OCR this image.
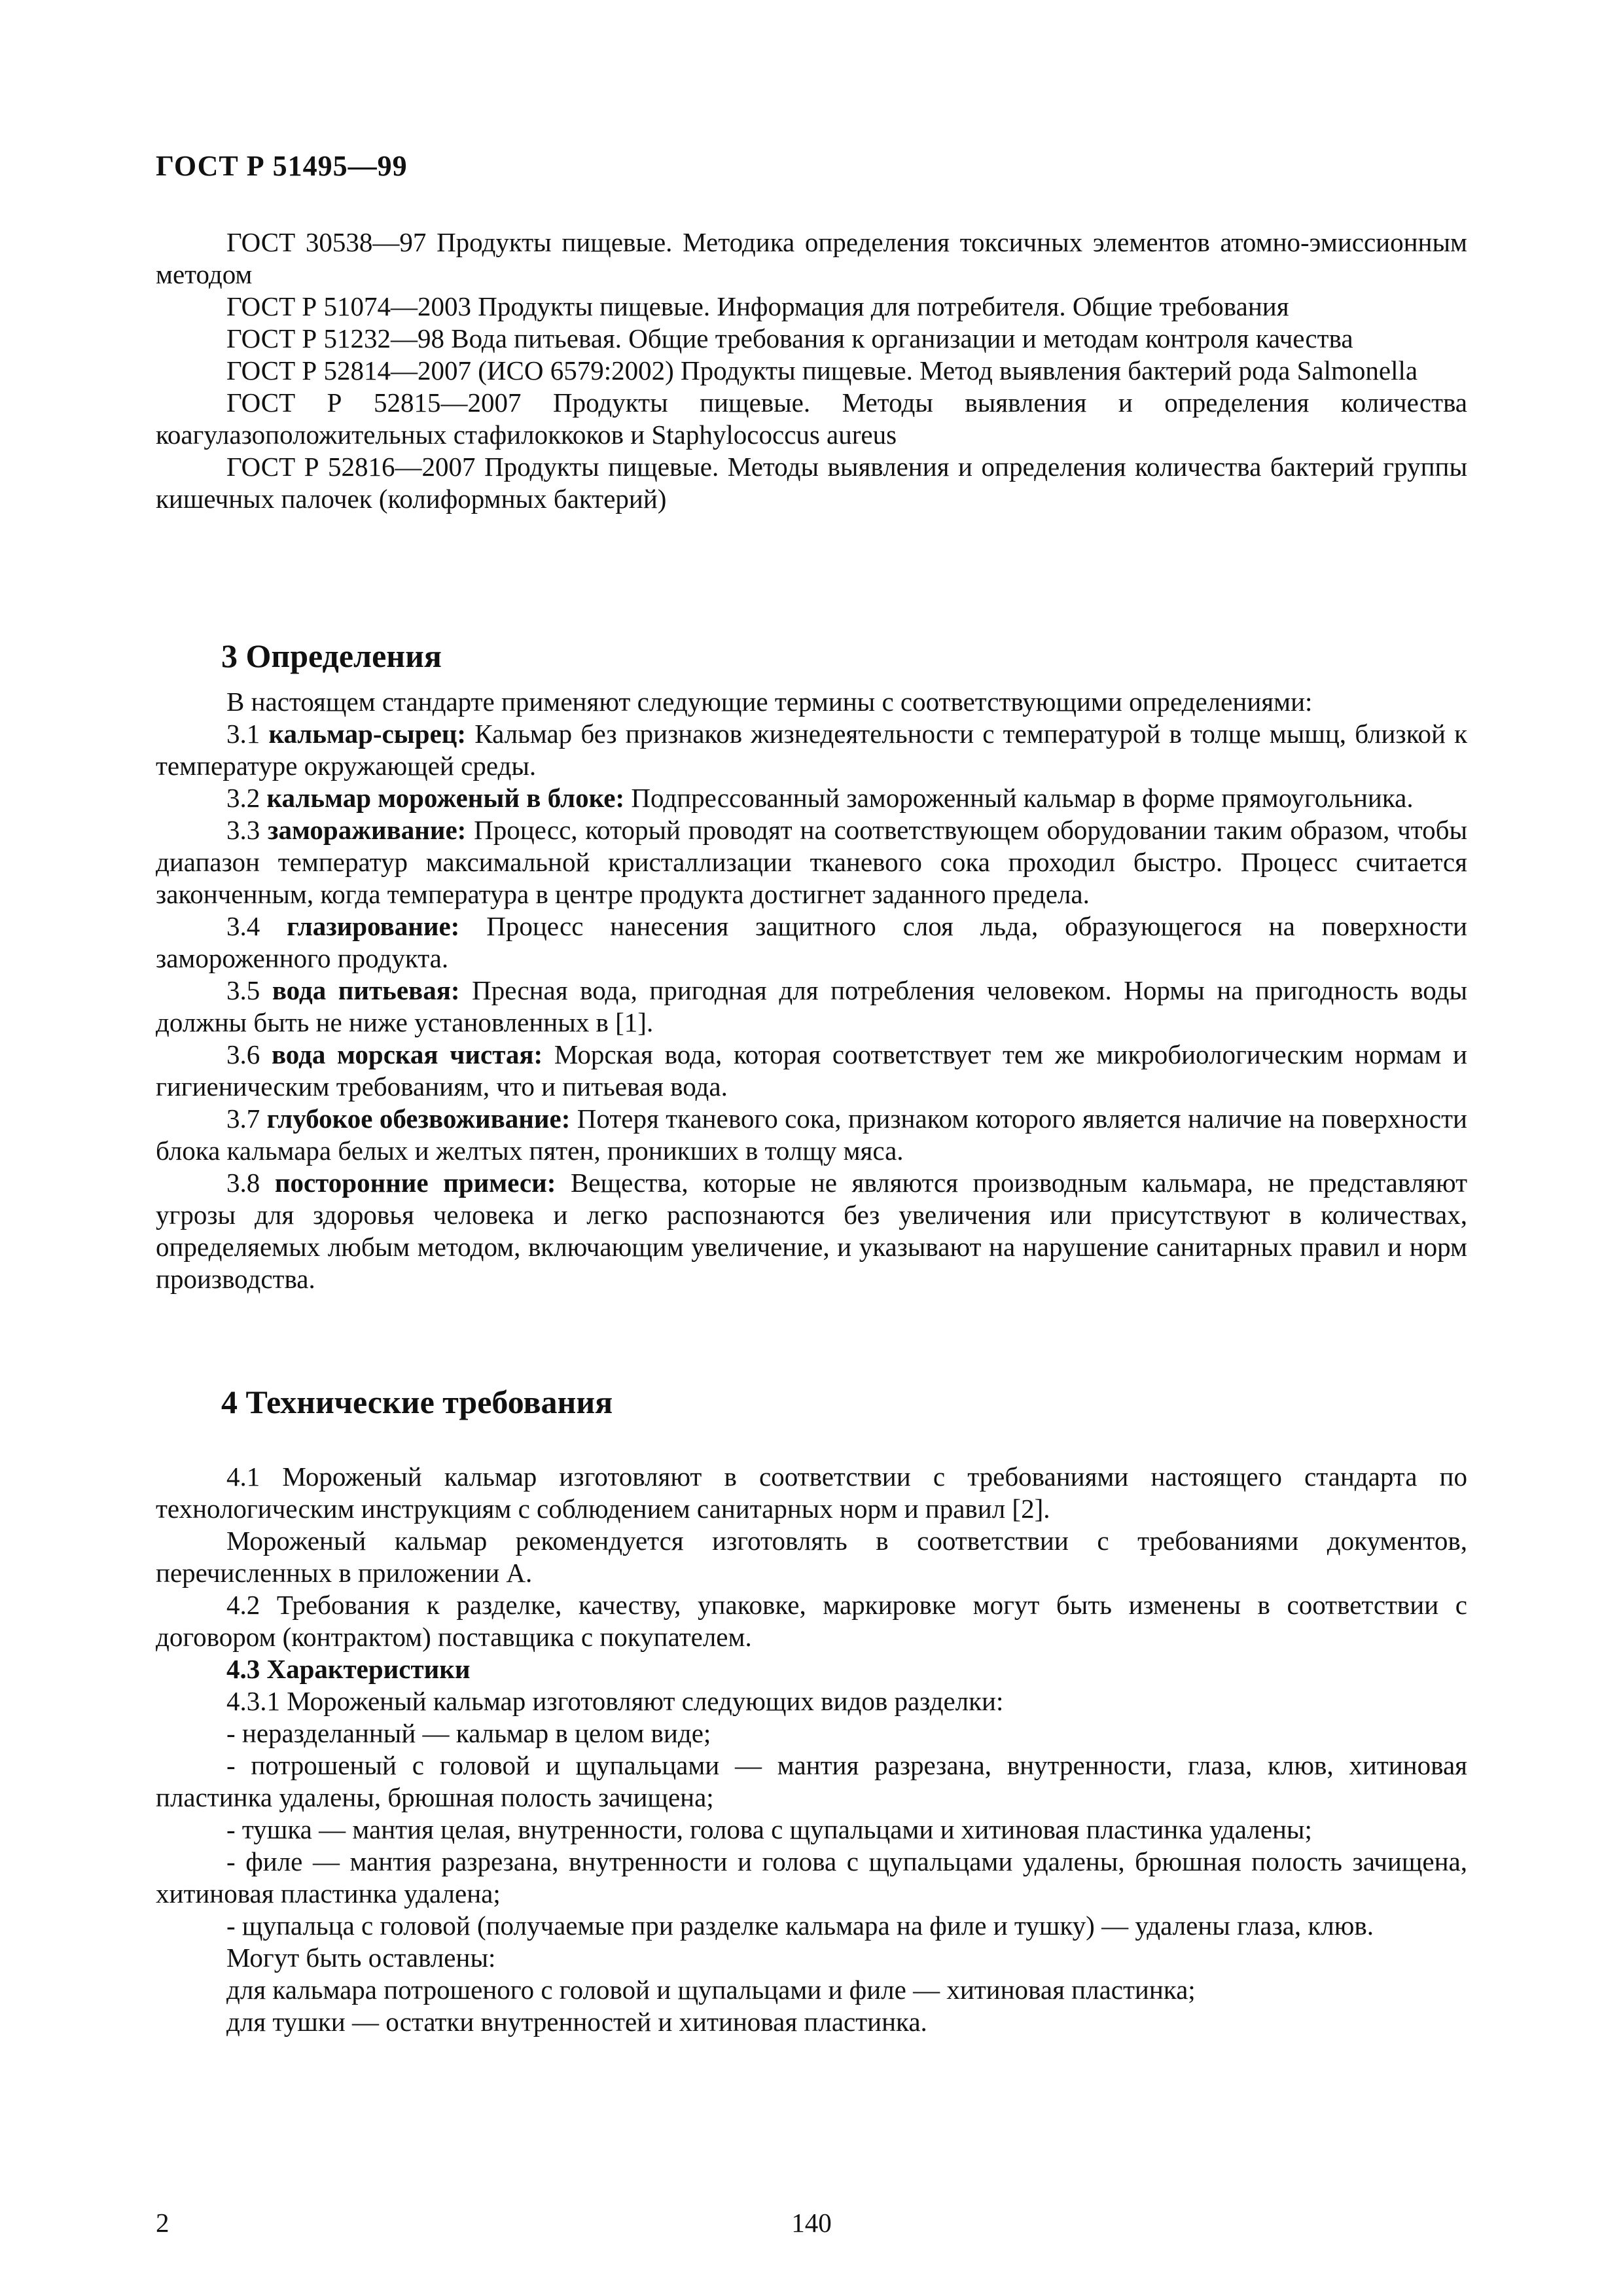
ГОСТ Р 51495—99

ГОСТ 30538—97 Продукты пищевые. Методика определения токсичных элементов атомно-эмиссионным методом

ГОСТ Р 51074—2003 Продукты пищевые. Информация для потребителя. Общие требования

ГОСТ Р 51232—98 Вода питьевая. Общие требования к организации и методам контроля качества

ГОСТ Р 52814—2007 (ИСО 6579:2002) Продукты пищевые. Метод выявления бактерий рода Salmonella

ГОСТ Р 52815—2007 Продукты пищевые. Методы выявления и определения количества коагулазоположительных стафилоккоков и Staphylococcus aureus

ГОСТ Р 52816—2007 Продукты пищевые. Методы выявления и определения количества бактерий группы кишечных палочек (колиформных бактерий)

3 Определения

В настоящем стандарте применяют следующие термины с соответствующими определениями:

3.1 кальмар-сырец: Кальмар без признаков жизнедеятельности с температурой в толще мышц, близкой к температуре окружающей среды.

3.2 кальмар мороженый в блоке: Подпрессованный замороженный кальмар в форме прямоугольника.

3.3 замораживание: Процесс, который проводят на соответствующем оборудовании таким образом, чтобы диапазон температур максимальной кристаллизации тканевого сока проходил быстро. Процесс считается законченным, когда температура в центре продукта достигнет заданного предела.

3.4 глазирование: Процесс нанесения защитного слоя льда, образующегося на поверхности замороженного продукта.

3.5 вода питьевая: Пресная вода, пригодная для потребления человеком. Нормы на пригодность воды должны быть не ниже установленных в [1].

3.6 вода морская чистая: Морская вода, которая соответствует тем же микробиологическим нормам и гигиеническим требованиям, что и питьевая вода.

3.7 глубокое обезвоживание: Потеря тканевого сока, признаком которого является наличие на поверхности блока кальмара белых и желтых пятен, проникших в толщу мяса.

3.8 посторонние примеси: Вещества, которые не являются производным кальмара, не представляют угрозы для здоровья человека и легко распознаются без увеличения или присутствуют в количествах, определяемых любым методом, включающим увеличение, и указывают на нарушение санитарных правил и норм производства.

4 Технические требования

4.1 Мороженый кальмар изготовляют в соответствии с требованиями настоящего стандарта по технологическим инструкциям с соблюдением санитарных норм и правил [2].

Мороженый кальмар рекомендуется изготовлять в соответствии с требованиями документов, перечисленных в приложении А.

4.2 Требования к разделке, качеству, упаковке, маркировке могут быть изменены в соответствии с договором (контрактом) поставщика с покупателем.

4.3 Характеристики

4.3.1 Мороженый кальмар изготовляют следующих видов разделки:

- неразделанный — кальмар в целом виде;

- потрошеный с головой и щупальцами — мантия разрезана, внутренности, глаза, клюв, хитиновая пластинка удалены, брюшная полость зачищена;

- тушка — мантия целая, внутренности, голова с щупальцами и хитиновая пластинка удалены;

- филе — мантия разрезана, внутренности и голова с щупальцами удалены, брюшная полость зачищена, хитиновая пластинка удалена;

- щупальца с головой (получаемые при разделке кальмара на филе и тушку) — удалены глаза, клюв.

Могут быть оставлены:

для кальмара потрошеного с головой и щупальцами и филе — хитиновая пластинка;

для тушки — остатки внутренностей и хитиновая пластинка.

2	140
